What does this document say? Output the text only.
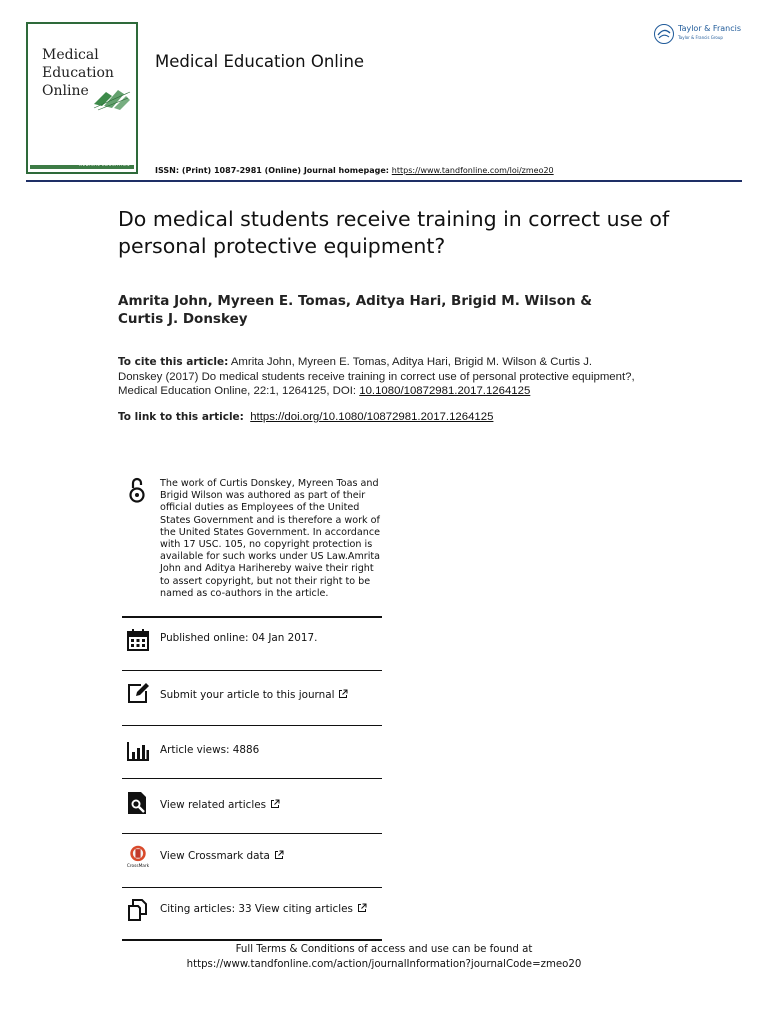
Medical
Education
Online
MEDICAL EDUCATION
Medical Education Online
ISSN: (Print) 1087-2981 (Online) Journal homepage: https://www.tandfonline.com/loi/zmeo20
Taylor & Francis
Taylor & Francis Group
Do medical students receive training in correct use of personal protective equipment?
Amrita John, Myreen E. Tomas, Aditya Hari, Brigid M. Wilson & Curtis J. Donskey
To cite this article: Amrita John, Myreen E. Tomas, Aditya Hari, Brigid M. Wilson & Curtis J. Donskey (2017) Do medical students receive training in correct use of personal protective equipment?, Medical Education Online, 22:1, 1264125, DOI: 10.1080/10872981.2017.1264125
To link to this article: https://doi.org/10.1080/10872981.2017.1264125
The work of Curtis Donskey, Myreen Toas and Brigid Wilson was authored as part of their official duties as Employees of the United States Government and is therefore a work of the United States Government. In accordance with 17 USC. 105, no copyright protection is available for such works under US Law.Amrita John and Aditya Harihereby waive their right to assert copyright, but not their right to be named as co-authors in the article.
Published online: 04 Jan 2017.
Submit your article to this journal
Article views: 4886
View related articles
CrossMark
View Crossmark data
Citing articles: 33 View citing articles
Full Terms & Conditions of access and use can be found at
https://www.tandfonline.com/action/journalInformation?journalCode=zmeo20
